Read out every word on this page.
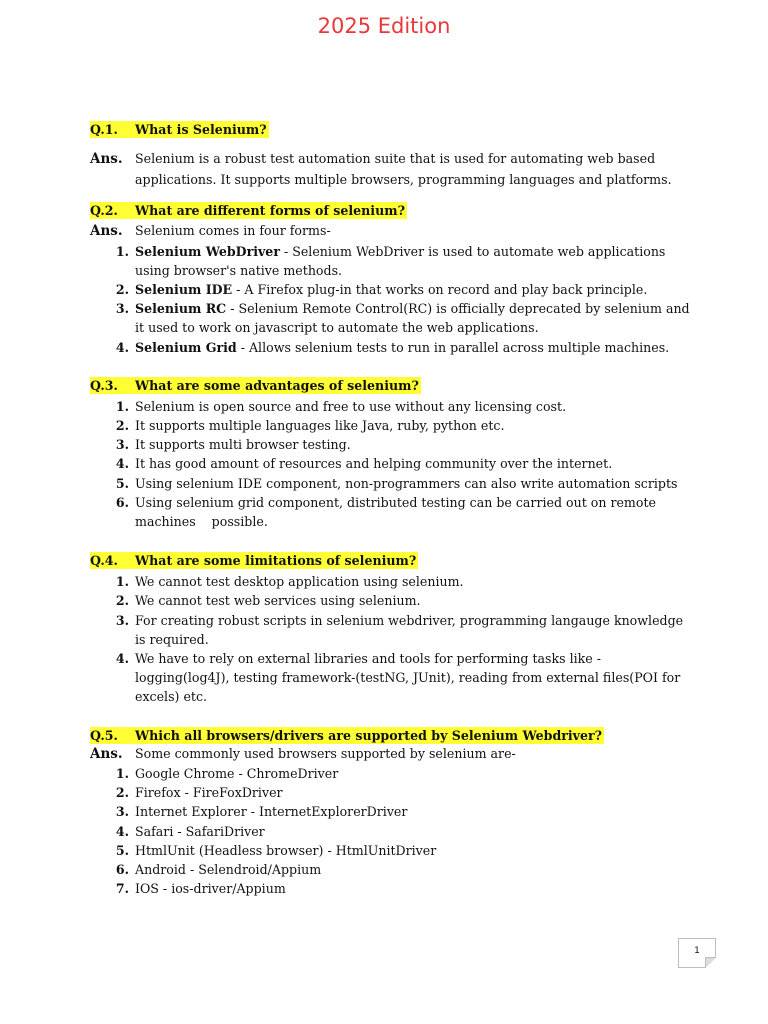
2025 Edition
Q.1. What is Selenium?
Ans. Selenium is a robust test automation suite that is used for automating web based applications. It supports multiple browsers, programming languages and platforms.
Q.2. What are different forms of selenium?
Ans. Selenium comes in four forms-
1. Selenium WebDriver - Selenium WebDriver is used to automate web applications using browser's native methods.
2. Selenium IDE - A Firefox plug-in that works on record and play back principle.
3. Selenium RC - Selenium Remote Control(RC) is officially deprecated by selenium and it used to work on javascript to automate the web applications.
4. Selenium Grid - Allows selenium tests to run in parallel across multiple machines.
Q.3. What are some advantages of selenium?
1. Selenium is open source and free to use without any licensing cost.
2. It supports multiple languages like Java, ruby, python etc.
3. It supports multi browser testing.
4. It has good amount of resources and helping community over the internet.
5. Using selenium IDE component, non-programmers can also write automation scripts
6. Using selenium grid component, distributed testing can be carried out on remote machines    possible.
Q.4. What are some limitations of selenium?
1. We cannot test desktop application using selenium.
2. We cannot test web services using selenium.
3. For creating robust scripts in selenium webdriver, programming langauge knowledge is required.
4. We have to rely on external libraries and tools for performing tasks like - logging(log4J), testing framework-(testNG, JUnit), reading from external files(POI for excels) etc.
Q.5. Which all browsers/drivers are supported by Selenium Webdriver?
Ans. Some commonly used browsers supported by selenium are-
1. Google Chrome - ChromeDriver
2. Firefox - FireFoxDriver
3. Internet Explorer - InternetExplorerDriver
4. Safari - SafariDriver
5. HtmlUnit (Headless browser) - HtmlUnitDriver
6. Android - Selendroid/Appium
7. IOS - ios-driver/Appium
1
